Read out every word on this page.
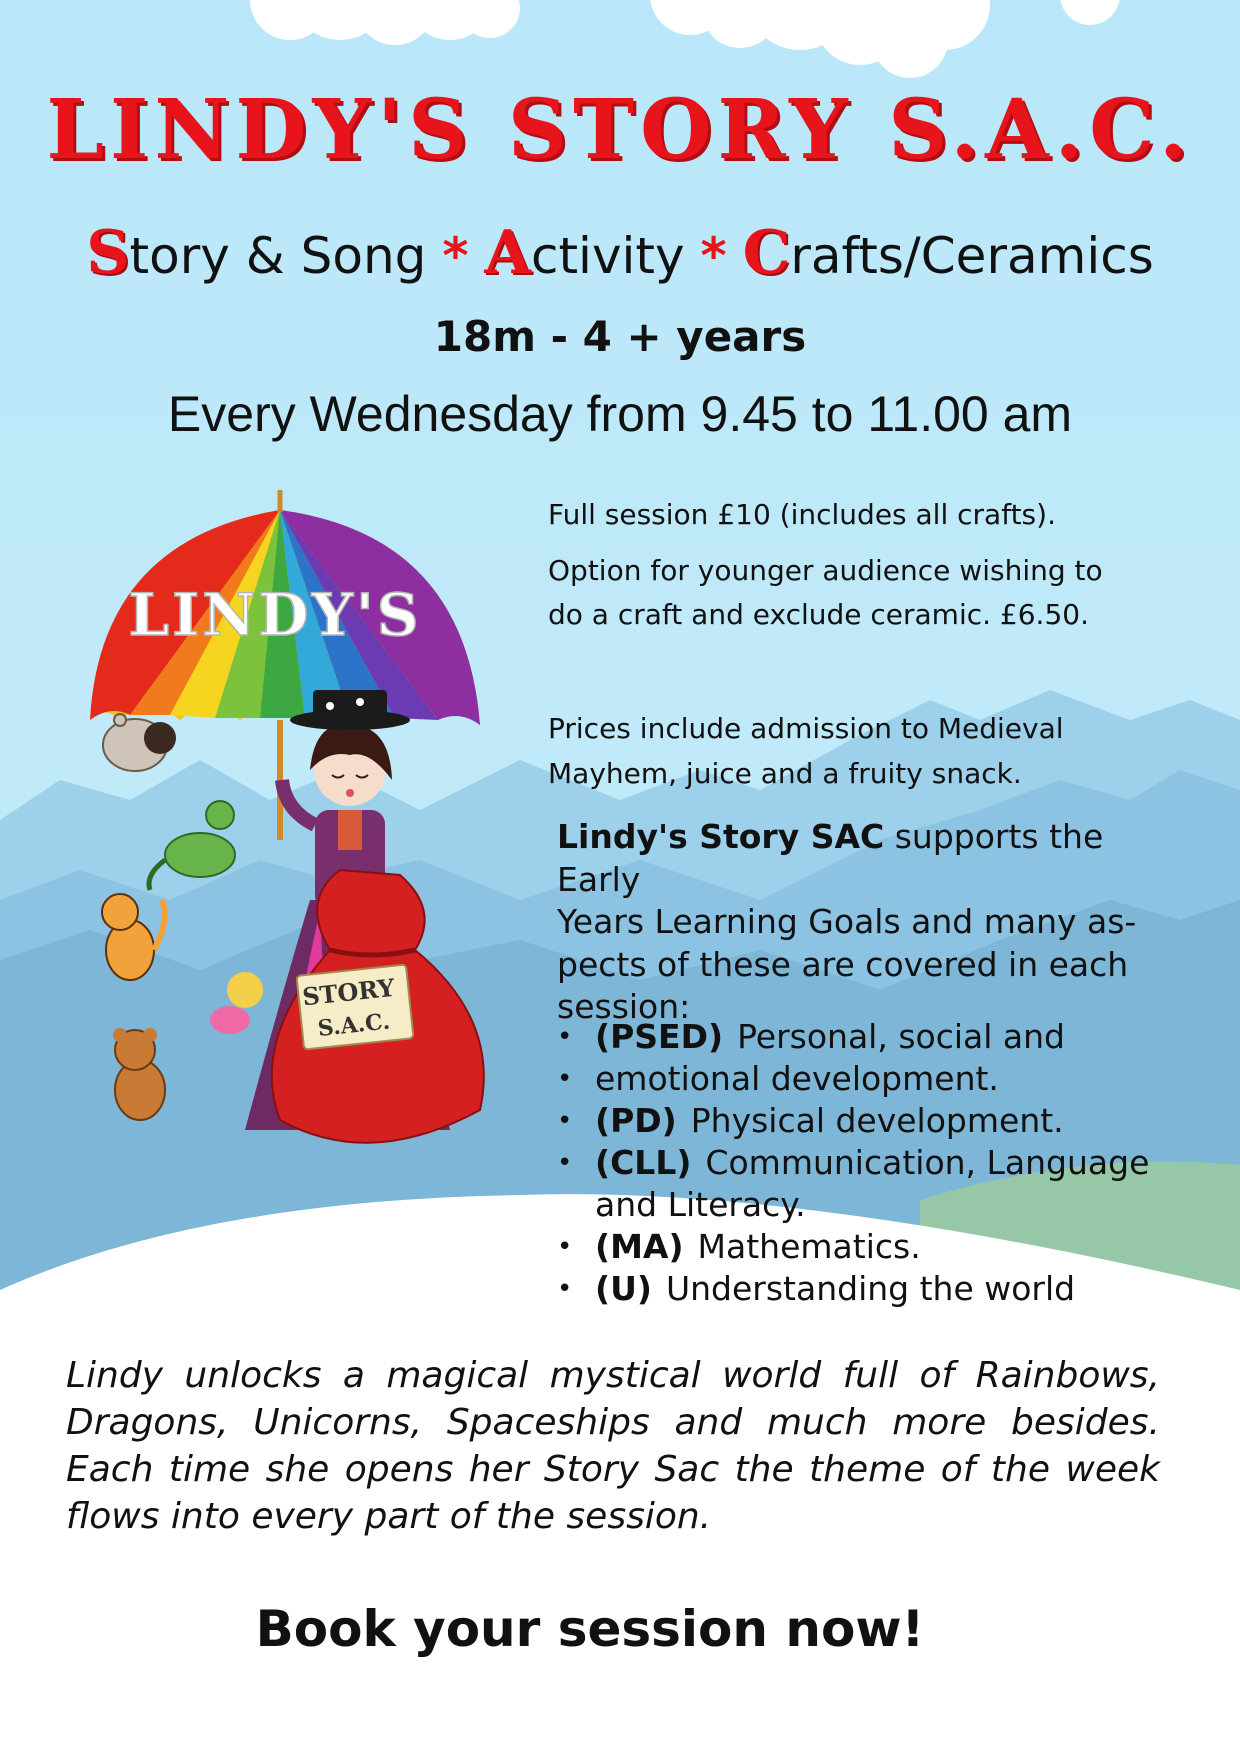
LINDY'S STORY S.A.C.
Story & Song * Activity * Crafts/Ceramics
18m - 4 + years
Every Wednesday from 9.45 to 11.00 am
LINDY'S
STORY
S.A.C.
Full session £10 (includes all crafts).
Option for younger audience wishing to
do a craft and exclude ceramic. £6.50.
Prices include admission to Medieval
Mayhem, juice and a fruity snack.
Lindy's Story SAC supports the Early
Years Learning Goals and many as-
pects of these are covered in each
session:
• (PSED) Personal, social and
• emotional development.
• (PD) Physical development.
• (CLL) Communication, Language and Literacy.
• (MA) Mathematics.
• (U) Understanding the world
Lindy unlocks a magical mystical world full of Rainbows, Dragons, Unicorns, Spaceships and much more besides. Each time she opens her Story Sac the theme of the week flows into every part of the session.
Book your session now!
